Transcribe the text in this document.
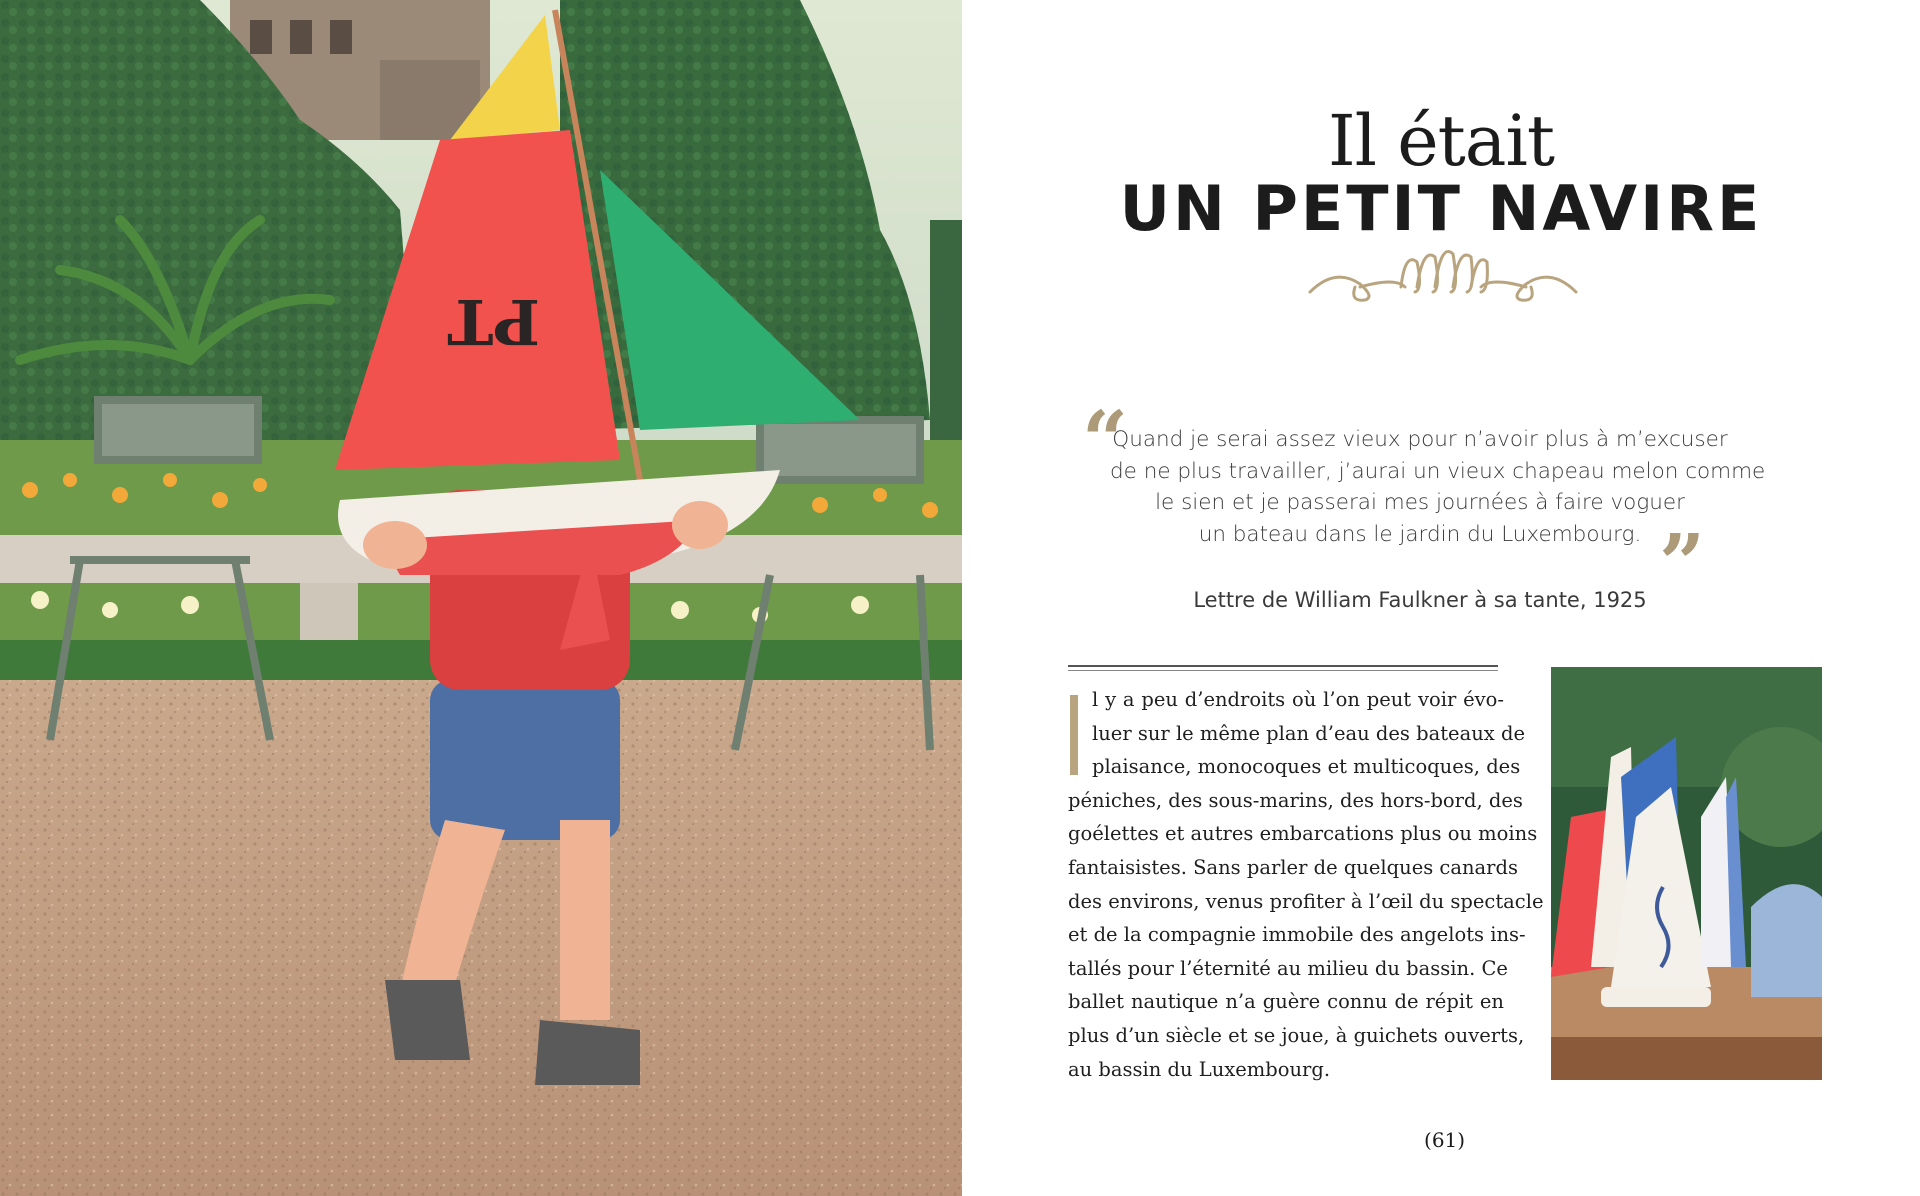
PT
Il était
UN PETIT NAVIRE
“
Quand je serai assez vieux pour n’avoir plus à m’excuser
de ne plus travailler, j’aurai un vieux chapeau melon comme
le sien et je passerai mes journées à faire voguer
un bateau dans le jardin du Luxembourg. ”
Lettre de William Faulkner à sa tante, 1925
l y a peu d’endroits où l’on peut voir évo-
luer sur le même plan d’eau des bateaux de
plaisance, monocoques et multicoques, des
péniches, des sous-marins, des hors-bord, des
goélettes et autres embarcations plus ou moins
fantaisistes. Sans parler de quelques canards
des environs, venus profiter à l’œil du spectacle
et de la compagnie immobile des angelots ins-
tallés pour l’éternité au milieu du bassin. Ce
ballet nautique n’a guère connu de répit en
plus d’un siècle et se joue, à guichets ouverts,
au bassin du Luxembourg.
(61)
